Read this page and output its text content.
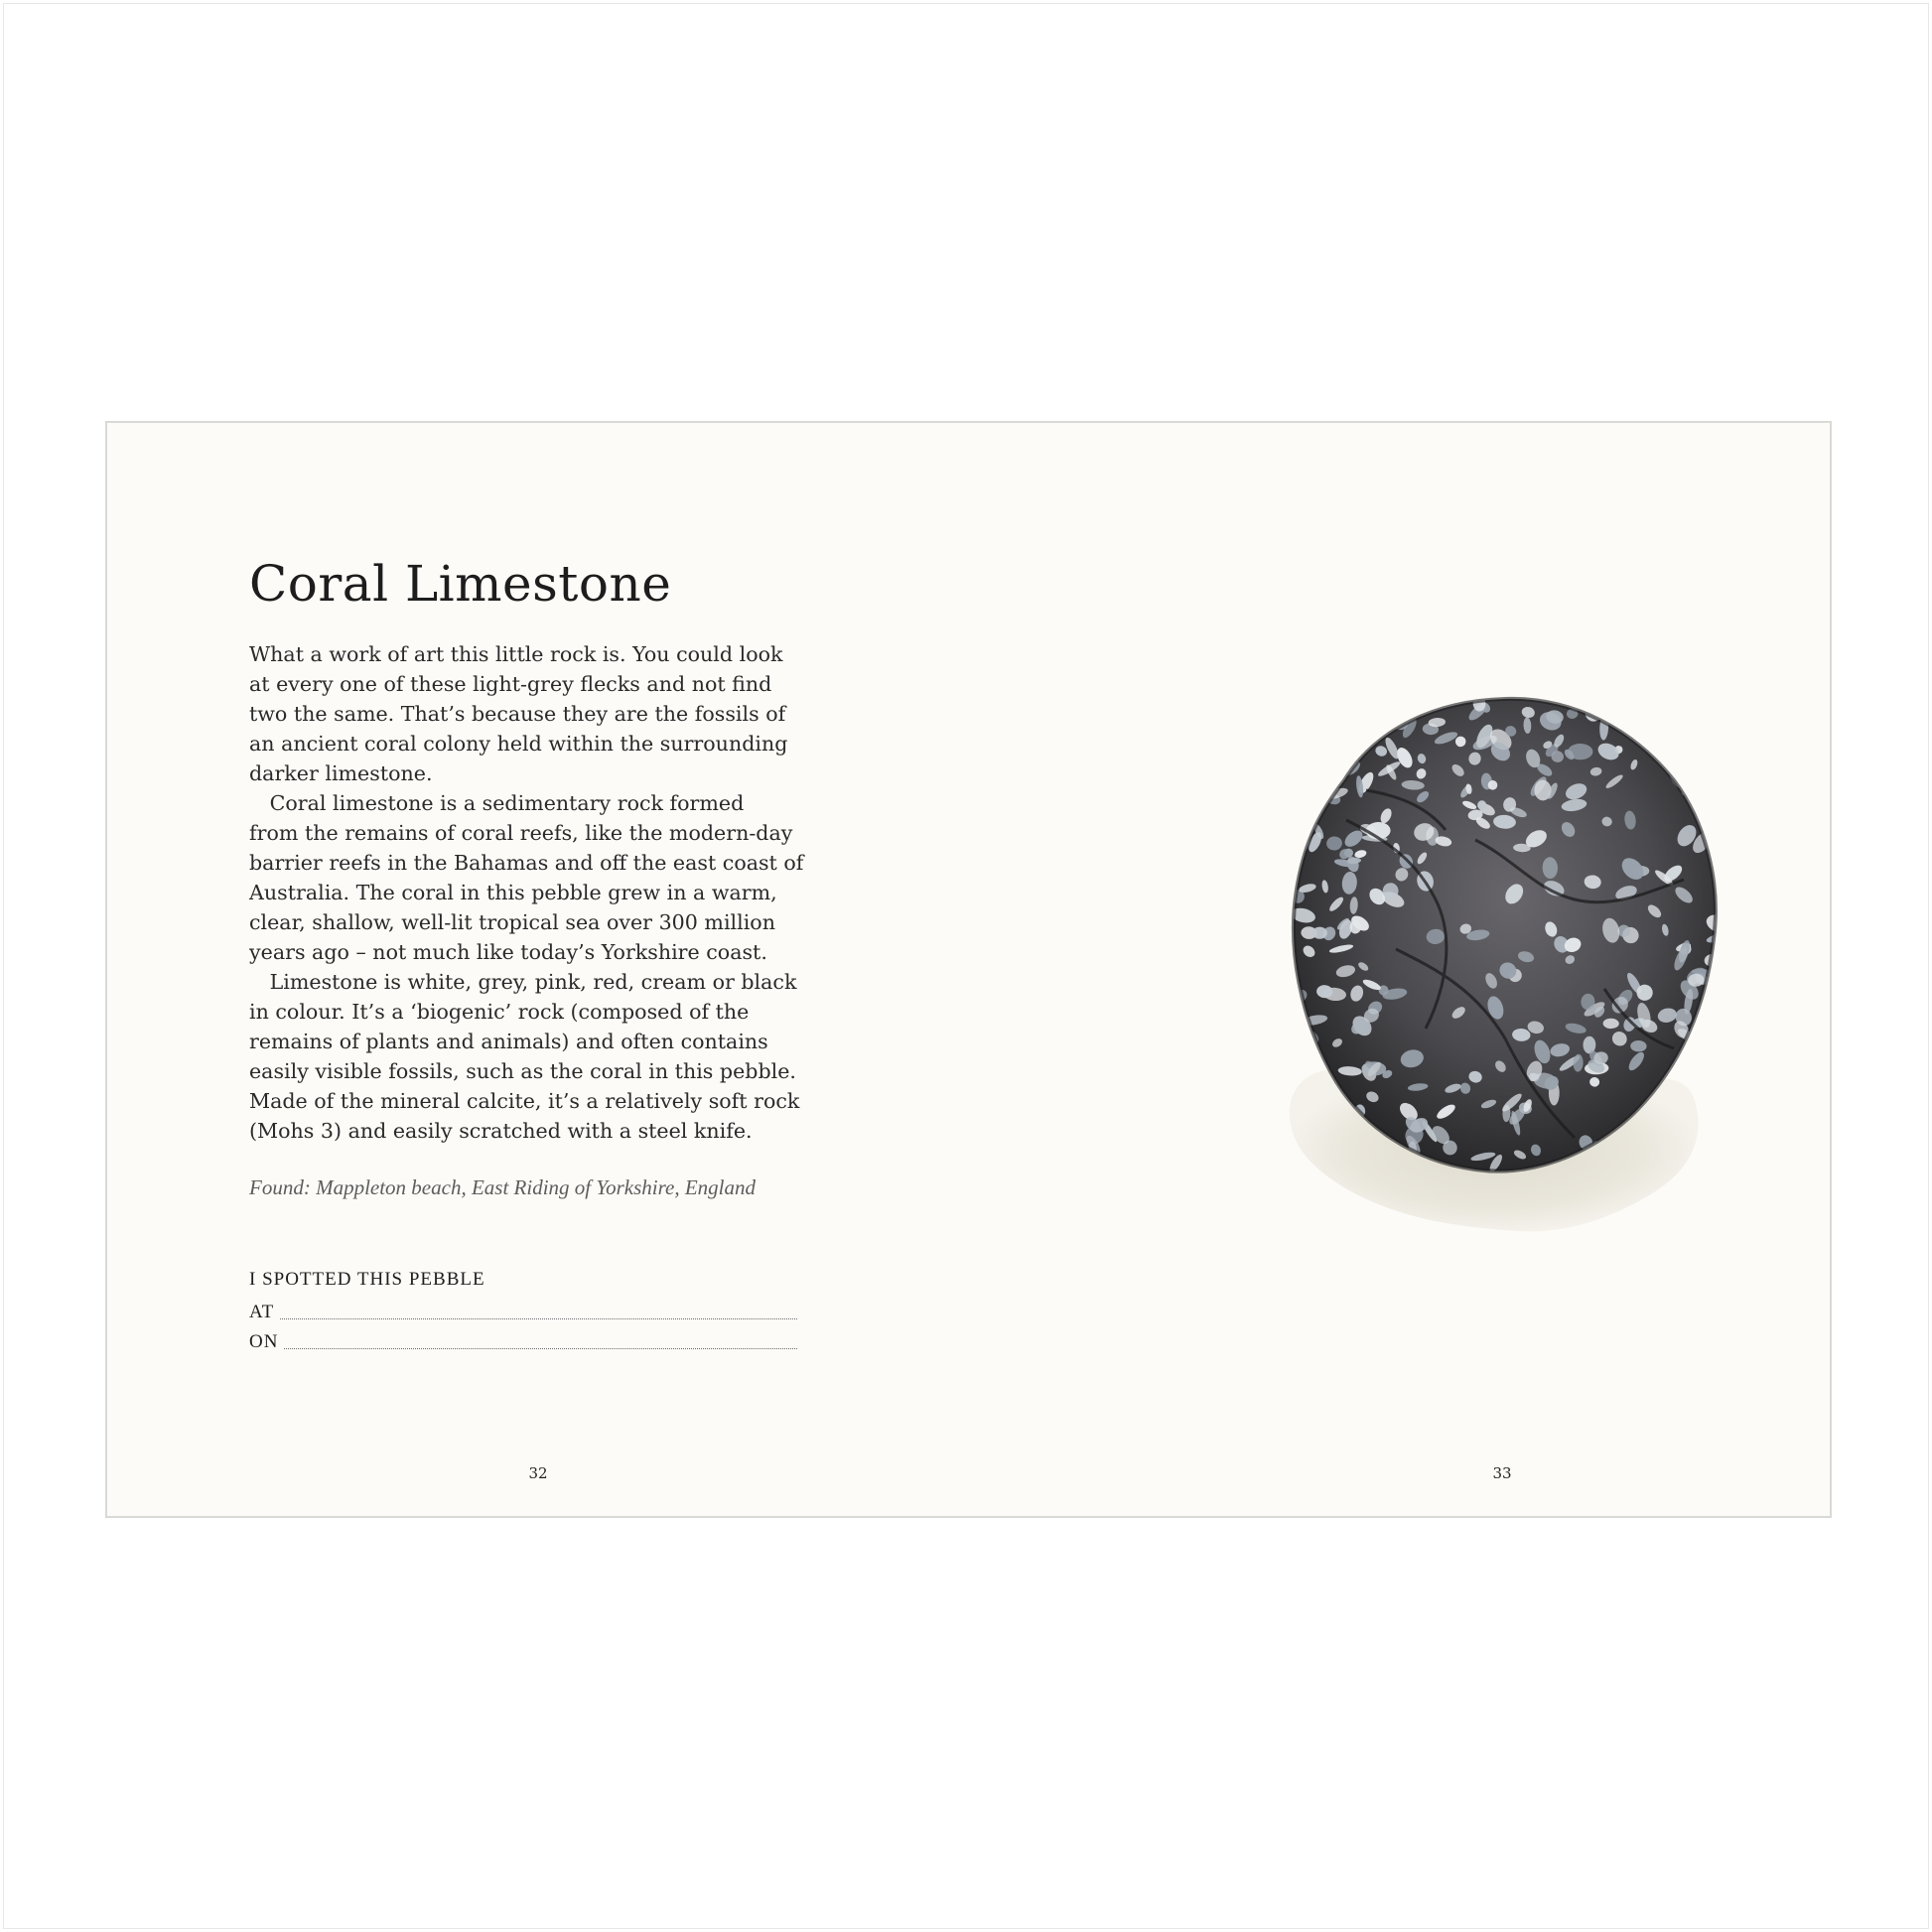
Coral Limestone

What a work of art this little rock is. You could look

at every one of these light-grey flecks and not find

two the same. That’s because they are the fossils of

an ancient coral colony held within the surrounding

darker limestone.

 Coral limestone is a sedimentary rock formed

from the remains of coral reefs, like the modern-day

barrier reefs in the Bahamas and off the east coast of

Australia. The coral in this pebble grew in a warm,

clear, shallow, well-lit tropical sea over 300 million

years ago – not much like today’s Yorkshire coast.

 Limestone is white, grey, pink, red, cream or black

in colour. It’s a ‘biogenic’ rock (composed of the

remains of plants and animals) and often contains

easily visible fossils, such as the coral in this pebble.

Made of the mineral calcite, it’s a relatively soft rock

(Mohs 3) and easily scratched with a steel knife.

Found: Mappleton beach, East Riding of Yorkshire, England
I SPOTTED THIS PEBBLE
AT
ON
32	33
